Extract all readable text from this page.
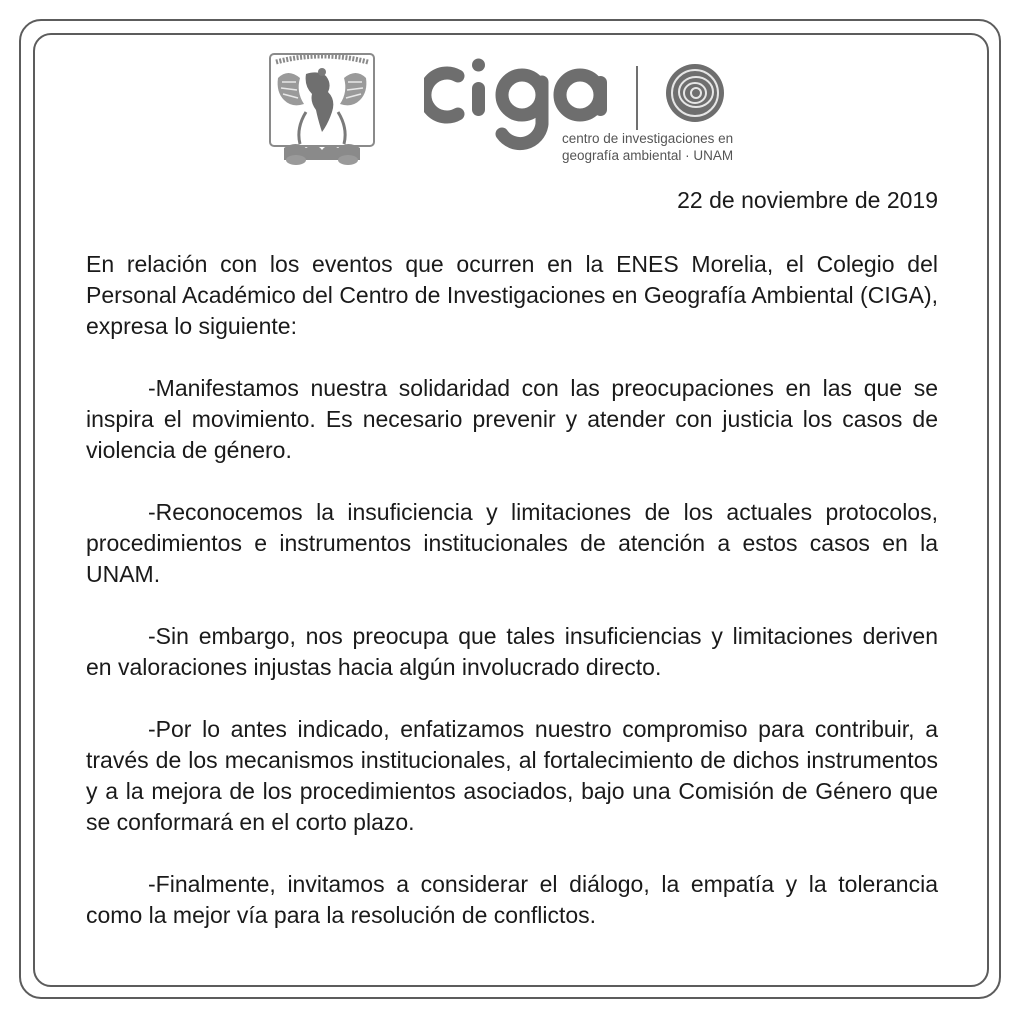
centro de investigaciones en
geografía ambiental · UNAM
22 de noviembre de 2019

En relación con los eventos que ocurren en la ENES Morelia, el Colegio del Personal Académico del Centro de Investigaciones en Geografía Ambiental (CIGA), expresa lo siguiente:

-Manifestamos nuestra solidaridad con las preocupaciones en las que se inspira el movimiento. Es necesario prevenir y atender con justicia los casos de violencia de género.

-Reconocemos la insuficiencia y limitaciones de los actuales protocolos, procedimientos e instrumentos institucionales de atención a estos casos en la UNAM.

-Sin embargo, nos preocupa que tales insuficiencias y limitaciones deriven en valoraciones injustas hacia algún involucrado directo.

-Por lo antes indicado, enfatizamos nuestro compromiso para contribuir, a través de los mecanismos institucionales, al fortalecimiento de dichos instrumentos y a la mejora de los procedimientos asociados, bajo una Comisión de Género que se conformará en el corto plazo.

-Finalmente, invitamos a considerar el diálogo, la empatía y la tolerancia como la mejor vía para la resolución de conflictos.
